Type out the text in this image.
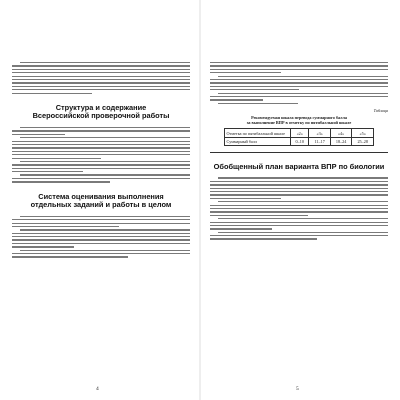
Структура и содержание
Всероссийской проверочной работы
Система оценивания выполнения
отдельных заданий и работы в целом
4
Таблица
Рекомендуемая шкала перевода суммарного балла
за выполнение ВПР в отметку по пятибалльной шкале
Отметка по пятибалльной шкале	«2»	«3»	«4»	«5»
Суммарный балл	0–10	11–17	18–24	25–28
Обобщенный план варианта ВПР по биологии
5
